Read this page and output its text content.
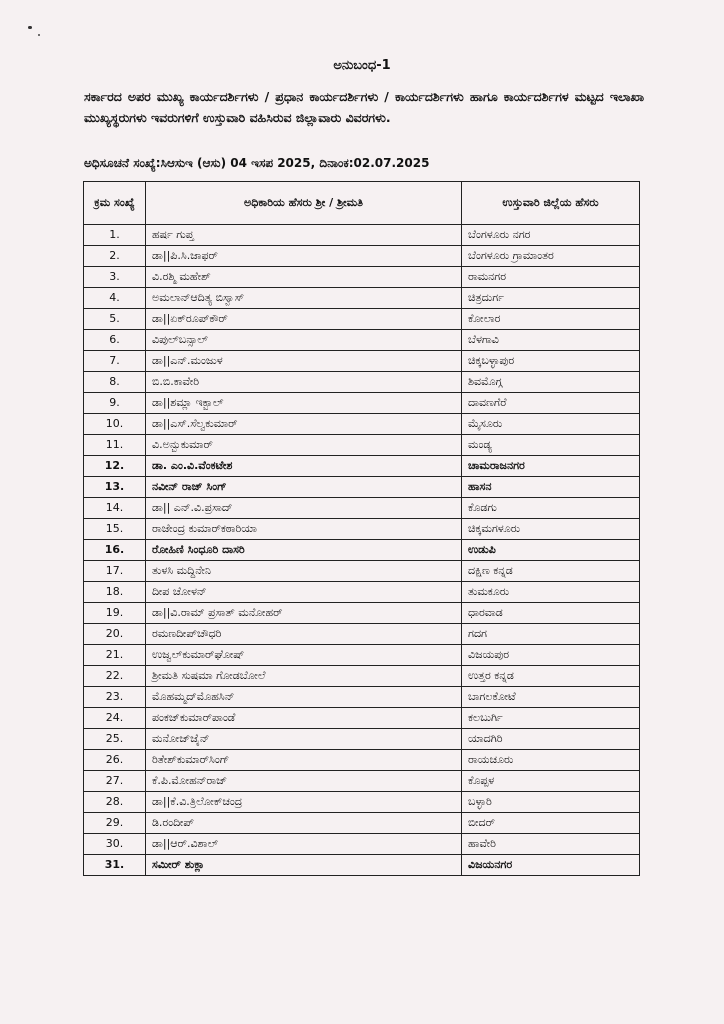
ಅನುಬಂಧ-1
ಸರ್ಕಾರದ ಅಪರ ಮುಖ್ಯ ಕಾರ್ಯದರ್ಶಿಗಳು / ಪ್ರಧಾನ ಕಾರ್ಯದರ್ಶಿಗಳು / ಕಾರ್ಯದರ್ಶಿಗಳು ಹಾಗೂ ಕಾರ್ಯದರ್ಶಿಗಳ ಮಟ್ಟದ ಇಲಾಖಾ ಮುಖ್ಯಸ್ಥರುಗಳು ಇವರುಗಳಿಗೆ ಉಸ್ತುವಾರಿ ವಹಿಸಿರುವ ಜಿಲ್ಲಾವಾರು ವಿವರಗಳು.
ಅಧಿಸೂಚನೆ ಸಂಖ್ಯೆ:ಸಿಆಸುಇ (ಆಸು) 04 ಇಸಪ 2025, ದಿನಾಂಕ:02.07.2025
ಕ್ರಮ ಸಂಖ್ಯೆ	ಅಧಿಕಾರಿಯ ಹೆಸರು ಶ್ರೀ / ಶ್ರೀಮತಿ	ಉಸ್ತುವಾರಿ ಜಿಲ್ಲೆಯ ಹೆಸರು
1.	ಹರ್ಷ ಗುಪ್ತ	ಬೆಂಗಳೂರು ನಗರ
2.	ಡಾ||ಪಿ.ಸಿ.ಜಾಫರ್	ಬೆಂಗಳೂರು ಗ್ರಾಮಾಂತರ
3.	ವಿ.ರಶ್ಮಿ ಮಹೇಶ್	ರಾಮನಗರ
4.	ಅಮಲಾನ್‌ಆದಿತ್ಯ ಬಿಸ್ವಾಸ್	ಚಿತ್ರದುರ್ಗ
5.	ಡಾ||ಏಕ್‌ರೂಪ್‌ಕೌರ್	ಕೋಲಾರ
6.	ವಿಪುಲ್‌ಬನ್ಸಾಲ್	ಬೆಳಗಾವಿ
7.	ಡಾ||ಎನ್.ಮಂಜುಳ	ಚಿಕ್ಕಬಳ್ಳಾಪುರ
8.	ಬಿ.ಬಿ.ಕಾವೇರಿ	ಶಿವಮೊಗ್ಗ
9.	ಡಾ||ಶಮ್ಲಾ ಇಕ್ಬಾಲ್	ದಾವಣಗೆರೆ
10.	ಡಾ||ಎಸ್.ಸೆಲ್ವಕುಮಾರ್	ಮೈಸೂರು
11.	ವಿ.ಅನ್ಬುಕುಮಾರ್	ಮಂಡ್ಯ
12.	ಡಾ. ಎಂ.ವಿ.ವೆಂಕಟೇಶ	ಚಾಮರಾಜನಗರ
13.	ನವೀನ್ ರಾಜ್ ಸಿಂಗ್	ಹಾಸನ
14.	ಡಾ|| ಎನ್.ವಿ.ಪ್ರಸಾದ್	ಕೊಡಗು
15.	ರಾಜೇಂದ್ರ ಕುಮಾರ್‌ಕಠಾರಿಯಾ	ಚಿಕ್ಕಮಗಳೂರು
16.	ರೋಹಿಣಿ ಸಿಂಧೂರಿ ದಾಸರಿ	ಉಡುಪಿ
17.	ತುಳಸಿ ಮದ್ದಿನೇನಿ	ದಕ್ಷಿಣ ಕನ್ನಡ
18.	ದೀಪ ಚೋಳನ್	ತುಮಕೂರು
19.	ಡಾ||ವಿ.ರಾಮ್ ಪ್ರಸಾತ್ ಮನೋಹರ್	ಧಾರವಾಡ
20.	ರಮಣದೀಪ್‌ಚೌಧರಿ	ಗದಗ
21.	ಉಜ್ವಲ್‌ಕುಮಾರ್‌ಘೋಷ್	ವಿಜಯಪುರ
22.	ಶ್ರೀಮತಿ ಸುಷಮಾ ಗೋಡಬೋಲೆ	ಉತ್ತರ ಕನ್ನಡ
23.	ಮೊಹಮ್ಮದ್‌ಮೊಹಸಿನ್	ಬಾಗಲಕೋಟೆ
24.	ಪಂಕಜ್‌ಕುಮಾರ್‌ಪಾಂಡೆ	ಕಲಬುರ್ಗಿ
25.	ಮನೋಜ್‌ಜೈನ್	ಯಾದಗಿರಿ
26.	ರಿತೇಶ್‌ಕುಮಾರ್‌ಸಿಂಗ್	ರಾಯಚೂರು
27.	ಕೆ.ಪಿ.ಮೋಹನ್‌ರಾಜ್	ಕೊಪ್ಪಳ
28.	ಡಾ||ಕೆ.ವಿ.ತ್ರಿಲೋಕ್‌ಚಂದ್ರ	ಬಳ್ಳಾರಿ
29.	ಡಿ.ರಂದೀಪ್	ಬೀದರ್
30.	ಡಾ||ಆರ್.ವಿಶಾಲ್	ಹಾವೇರಿ
31.	ಸಮೀರ್ ಶುಕ್ಲಾ	ವಿಜಯನಗರ
